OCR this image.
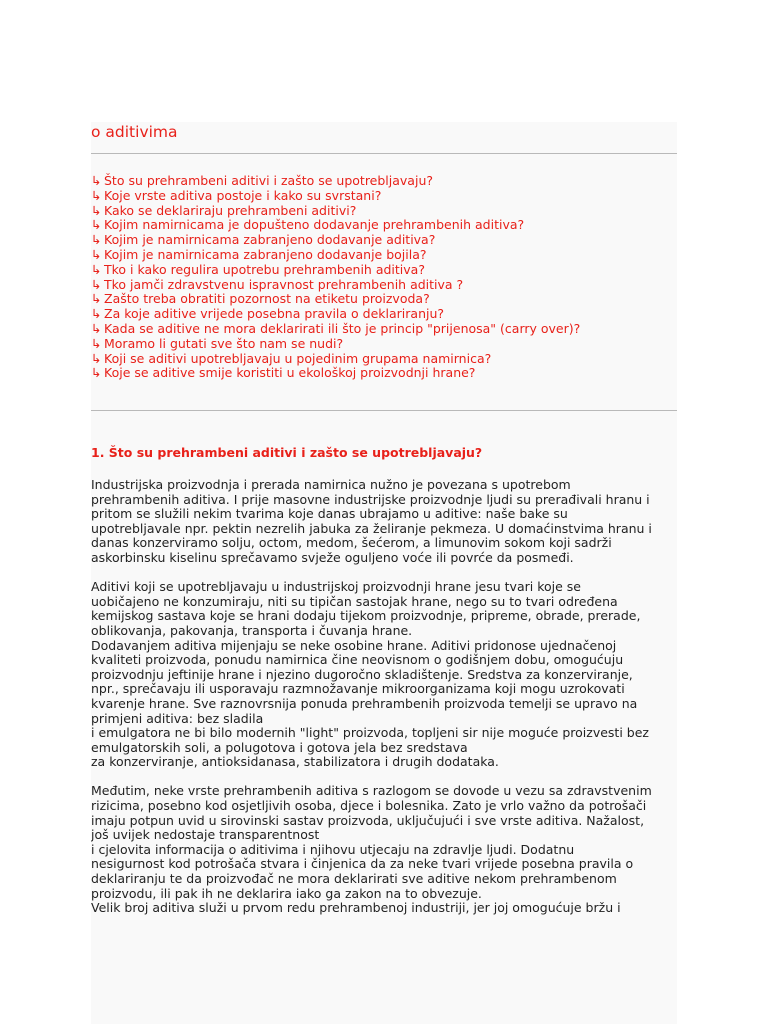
o aditivima
↳ Što su prehrambeni aditivi i zašto se upotrebljavaju?
↳ Koje vrste aditiva postoje i kako su svrstani?
↳ Kako se deklariraju prehrambeni aditivi?
↳ Kojim namirnicama je dopušteno dodavanje prehrambenih aditiva?
↳ Kojim je namirnicama zabranjeno dodavanje aditiva?
↳ Kojim je namirnicama zabranjeno dodavanje bojila?
↳ Tko i kako regulira upotrebu prehrambenih aditiva?
↳ Tko jamči zdravstvenu ispravnost prehrambenih aditiva ?
↳ Zašto treba obratiti pozornost na etiketu proizvoda?
↳ Za koje aditive vrijede posebna pravila o deklariranju?
↳ Kada se aditive ne mora deklarirati ili što je princip "prijenosa" (carry over)?
↳ Moramo li gutati sve što nam se nudi?
↳ Koji se aditivi upotrebljavaju u pojedinim grupama namirnica?
↳ Koje se aditive smije koristiti u ekološkoj proizvodnji hrane?
1. Što su prehrambeni aditivi i zašto se upotrebljavaju?
Industrijska proizvodnja i prerada namirnica nužno je povezana s upotrebom
prehrambenih aditiva. I prije masovne industrijske proizvodnje ljudi su prerađivali hranu i
pritom se služili nekim tvarima koje danas ubrajamo u aditive: naše bake su
upotrebljavale npr. pektin nezrelih jabuka za želiranje pekmeza. U domaćinstvima hranu i
danas konzerviramo solju, octom, medom, šećerom, a limunovim sokom koji sadrži
askorbinsku kiselinu sprečavamo svježe oguljeno voće ili povrće da posmeđi.
Aditivi koji se upotrebljavaju u industrijskoj proizvodnji hrane jesu tvari koje se
uobičajeno ne konzumiraju, niti su tipičan sastojak hrane, nego su to tvari određena
kemijskog sastava koje se hrani dodaju tijekom proizvodnje, pripreme, obrade, prerade,
oblikovanja, pakovanja, transporta i čuvanja hrane.
Dodavanjem aditiva mijenjaju se neke osobine hrane. Aditivi pridonose ujednačenoj
kvaliteti proizvoda, ponudu namirnica čine neovisnom o godišnjem dobu, omogućuju
proizvodnju jeftinije hrane i njezino dugoročno skladištenje. Sredstva za konzerviranje,
npr., sprečavaju ili usporavaju razmnožavanje mikroorganizama koji mogu uzrokovati
kvarenje hrane. Sve raznovrsnija ponuda prehrambenih proizvoda temelji se upravo na
primjeni aditiva: bez sladila
i emulgatora ne bi bilo modernih "light" proizvoda, topljeni sir nije moguće proizvesti bez
emulgatorskih soli, a polugotova i gotova jela bez sredstava
za konzerviranje, antioksidanasa, stabilizatora i drugih dodataka.
Međutim, neke vrste prehrambenih aditiva s razlogom se dovode u vezu sa zdravstvenim
rizicima, posebno kod osjetljivih osoba, djece i bolesnika. Zato je vrlo važno da potrošači
imaju potpun uvid u sirovinski sastav proizvoda, uključujući i sve vrste aditiva. Nažalost,
još uvijek nedostaje transparentnost
i cjelovita informacija o aditivima i njihovu utjecaju na zdravlje ljudi. Dodatnu
nesigurnost kod potrošača stvara i činjenica da za neke tvari vrijede posebna pravila o
deklariranju te da proizvođač ne mora deklarirati sve aditive nekom prehrambenom
proizvodu, ili pak ih ne deklarira iako ga zakon na to obvezuje.
Velik broj aditiva služi u prvom redu prehrambenoj industriji, jer joj omogućuje bržu i
